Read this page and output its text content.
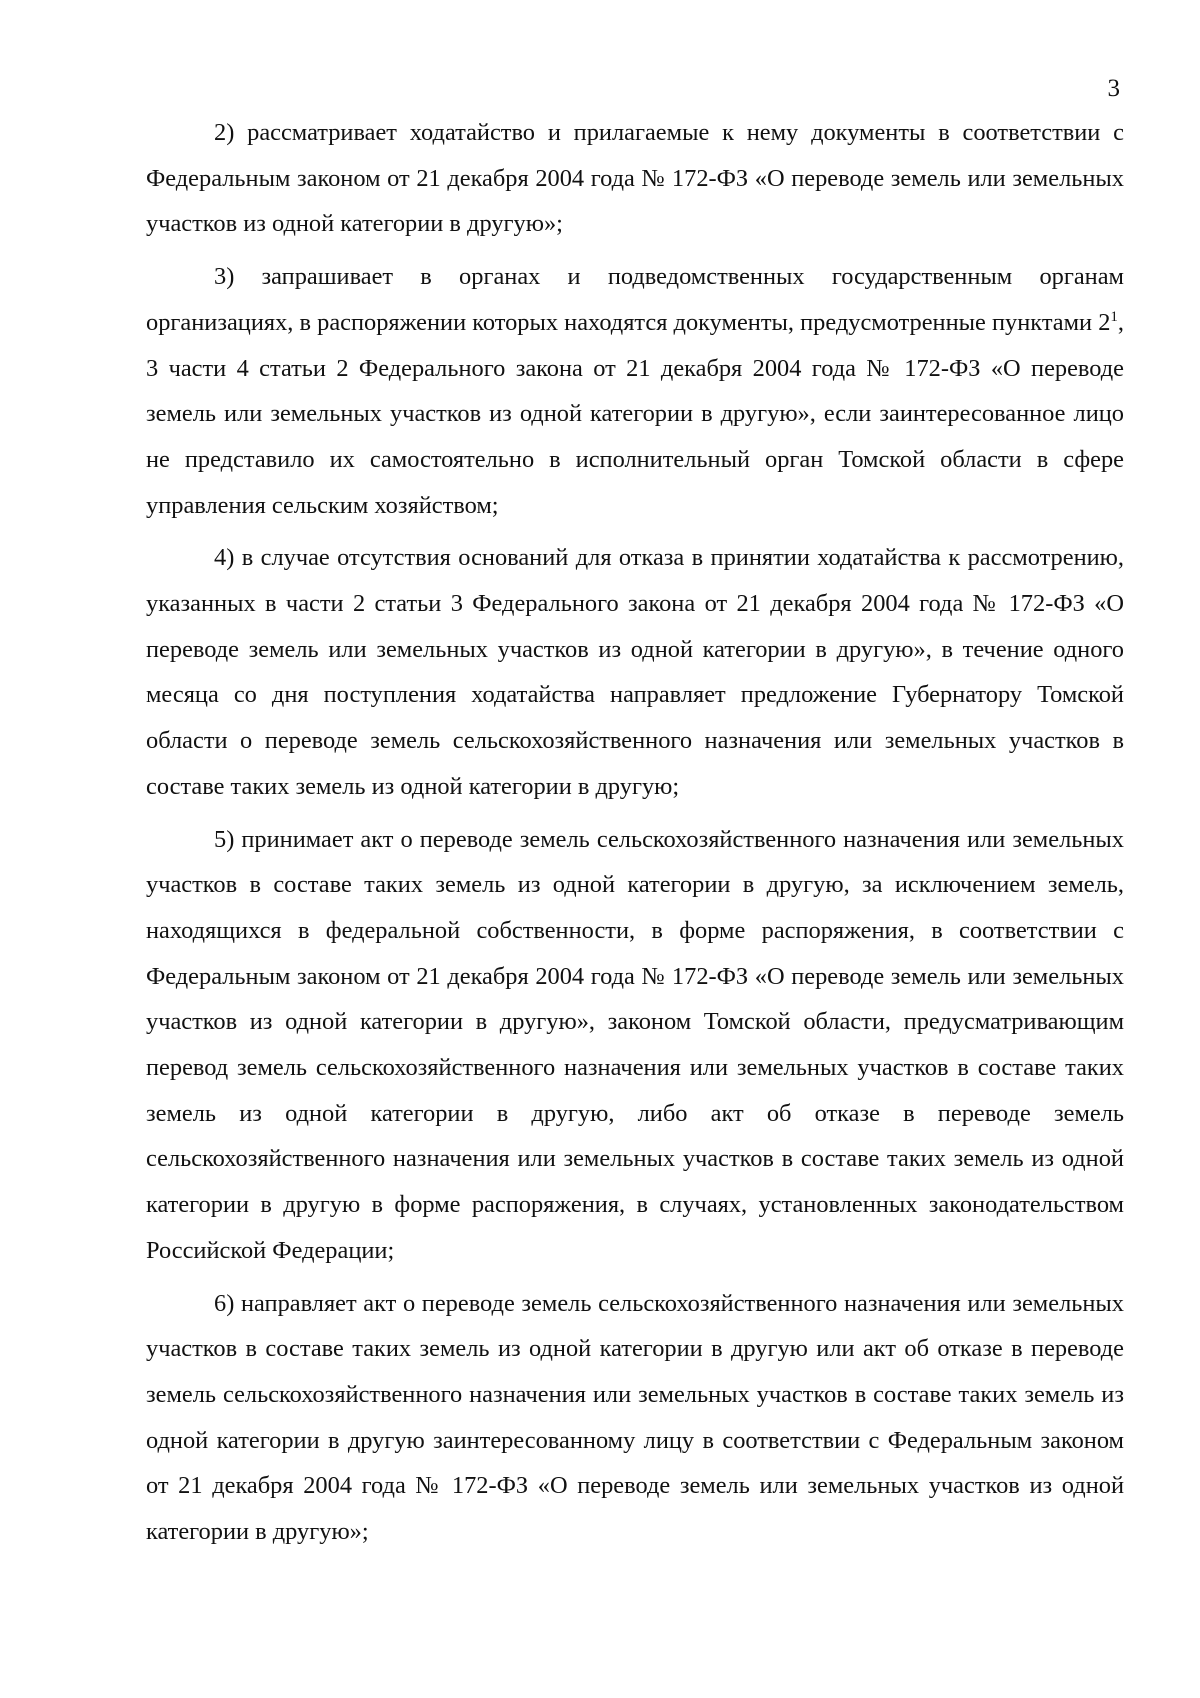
3

2) рассматривает ходатайство и прилагаемые к нему документы в соответствии с Федеральным законом от 21 декабря 2004 года № 172-ФЗ «О переводе земель или земельных участков из одной категории в другую»;

3) запрашивает в органах и подведомственных государственным органам организациях, в распоряжении которых находятся документы, предусмотренные пунктами $2^1$, 3 части 4 статьи 2 Федерального закона от 21 декабря 2004 года № 172-ФЗ «О переводе земель или земельных участков из одной категории в другую», если заинтересованное лицо не представило их самостоятельно в исполнительный орган Томской области в сфере управления сельским хозяйством;

4) в случае отсутствия оснований для отказа в принятии ходатайства к рассмотрению, указанных в части 2 статьи 3 Федерального закона от 21 декабря 2004 года № 172-ФЗ «О переводе земель или земельных участков из одной категории в другую», в течение одного месяца со дня поступления ходатайства направляет предложение Губернатору Томской области о переводе земель сельскохозяйственного назначения или земельных участков в составе таких земель из одной категории в другую;

5) принимает акт о переводе земель сельскохозяйственного назначения или земельных участков в составе таких земель из одной категории в другую, за исключением земель, находящихся в федеральной собственности, в форме распоряжения, в соответствии с Федеральным законом от 21 декабря 2004 года № 172-ФЗ «О переводе земель или земельных участков из одной категории в другую», законом Томской области, предусматривающим перевод земель сельскохозяйственного назначения или земельных участков в составе таких земель из одной категории в другую, либо акт об отказе в переводе земель сельскохозяйственного назначения или земельных участков в составе таких земель из одной категории в другую в форме распоряжения, в случаях, установленных законодательством Российской Федерации;

6) направляет акт о переводе земель сельскохозяйственного назначения или земельных участков в составе таких земель из одной категории в другую или акт об отказе в переводе земель сельскохозяйственного назначения или земельных участков в составе таких земель из одной категории в другую заинтересованному лицу в соответствии с Федеральным законом от 21 декабря 2004 года № 172-ФЗ «О переводе земель или земельных участков из одной категории в другую»;
